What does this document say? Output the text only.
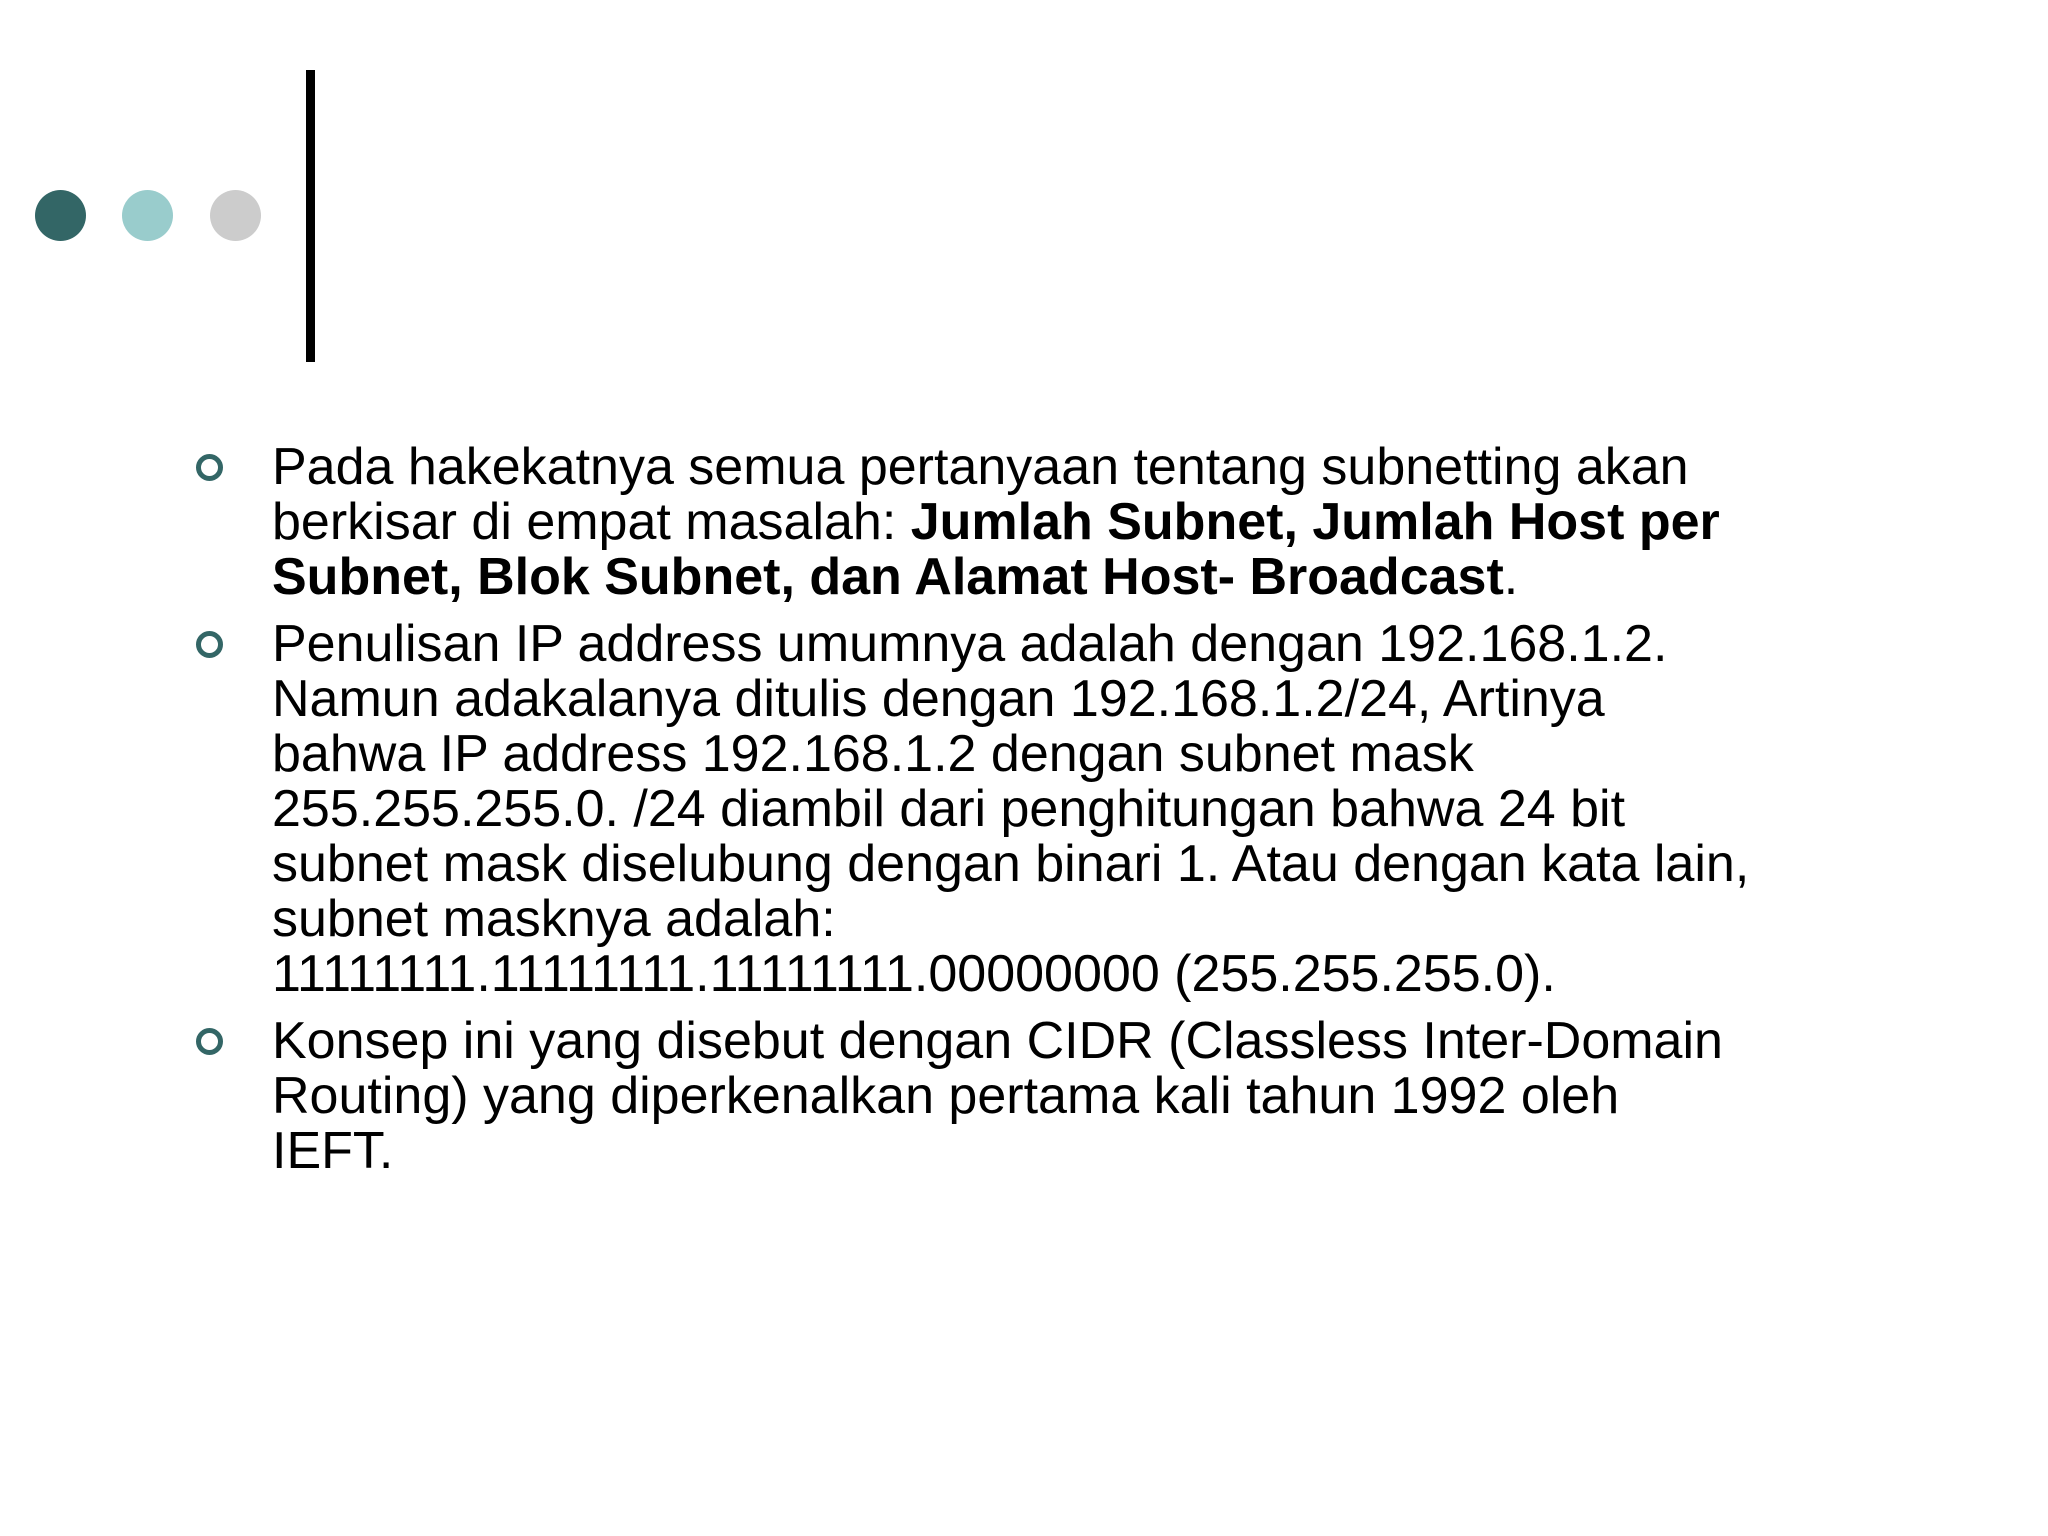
Pada hakekatnya semua pertanyaan tentang subnetting akan
berkisar di empat masalah: Jumlah Subnet, Jumlah Host per
Subnet, Blok Subnet, dan Alamat Host- Broadcast.
Penulisan IP address umumnya adalah dengan 192.168.1.2.
Namun adakalanya ditulis dengan 192.168.1.2/24, Artinya
bahwa IP address 192.168.1.2 dengan subnet mask
255.255.255.0. /24 diambil dari penghitungan bahwa 24 bit
subnet mask diselubung dengan binari 1. Atau dengan kata lain,
subnet masknya adalah:
11111111.11111111.11111111.00000000 (255.255.255.0).
Konsep ini yang disebut dengan CIDR (Classless Inter-Domain
Routing) yang diperkenalkan pertama kali tahun 1992 oleh
IEFT.
